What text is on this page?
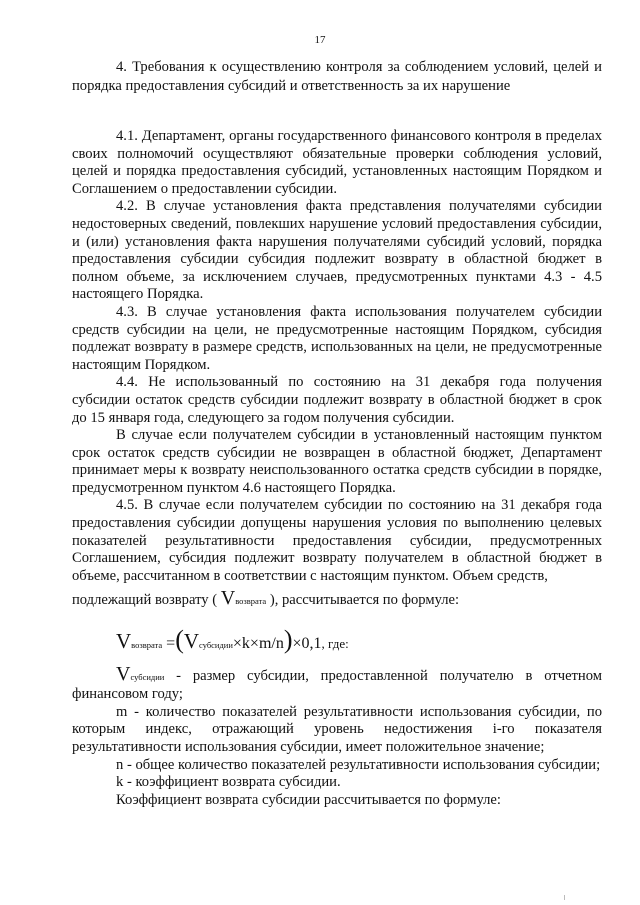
17
4. Требования к осуществлению контроля за соблюдением условий, целей и порядка предоставления субсидий и ответственность за их нарушение

4.1. Департамент, органы государственного финансового контроля в пределах своих полномочий осуществляют обязательные проверки соблюдения условий, целей и порядка предоставления субсидий, установленных настоящим Порядком и Соглашением о предоставлении субсидии.

4.2. В случае установления факта представления получателями субсидии недостоверных сведений, повлекших нарушение условий предоставления субсидии, и (или) установления факта нарушения получателями субсидий условий, порядка предоставления субсидии субсидия подлежит возврату в областной бюджет в полном объеме, за исключением случаев, предусмотренных пунктами 4.3 - 4.5 настоящего Порядка.

4.3. В случае установления факта использования получателем субсидии средств субсидии на цели, не предусмотренные настоящим Порядком, субсидия подлежат возврату в размере средств, использованных на цели, не предусмотренные настоящим Порядком.

4.4. Не использованный по состоянию на 31 декабря года получения субсидии остаток средств субсидии подлежит возврату в областной бюджет в срок до 15 января года, следующего за годом получения субсидии.

В случае если получателем субсидии в установленный настоящим пунктом срок остаток средств субсидии не возвращен в областной бюджет, Департамент принимает меры к возврату неиспользованного остатка средств субсидии в порядке, предусмотренном пунктом 4.6 настоящего Порядка.

4.5. В случае если получателем субсидии по состоянию на 31 декабря года предоставления субсидии допущены нарушения условия по выполнению целевых показателей результативности предоставления субсидии, предусмотренных Соглашением, субсидия подлежит возврату получателем в областной бюджет в объеме, рассчитанном в соответствии с настоящим пунктом. Объем средств,

подлежащий возврату ( Vвозврата ), рассчитывается по формуле:

Vвозврата =(Vсубсидии×k×m/n)×0,1, где:

Vсубсидии - размер субсидии, предоставленной получателю в отчетном финансовом году;

m - количество показателей результативности использования субсидии, по которым индекс, отражающий уровень недостижения i-го показателя результативности использования субсидии, имеет положительное значение;

n - общее количество показателей результативности использования субсидии;

k - коэффициент возврата субсидии.

Коэффициент возврата субсидии рассчитывается по формуле:
